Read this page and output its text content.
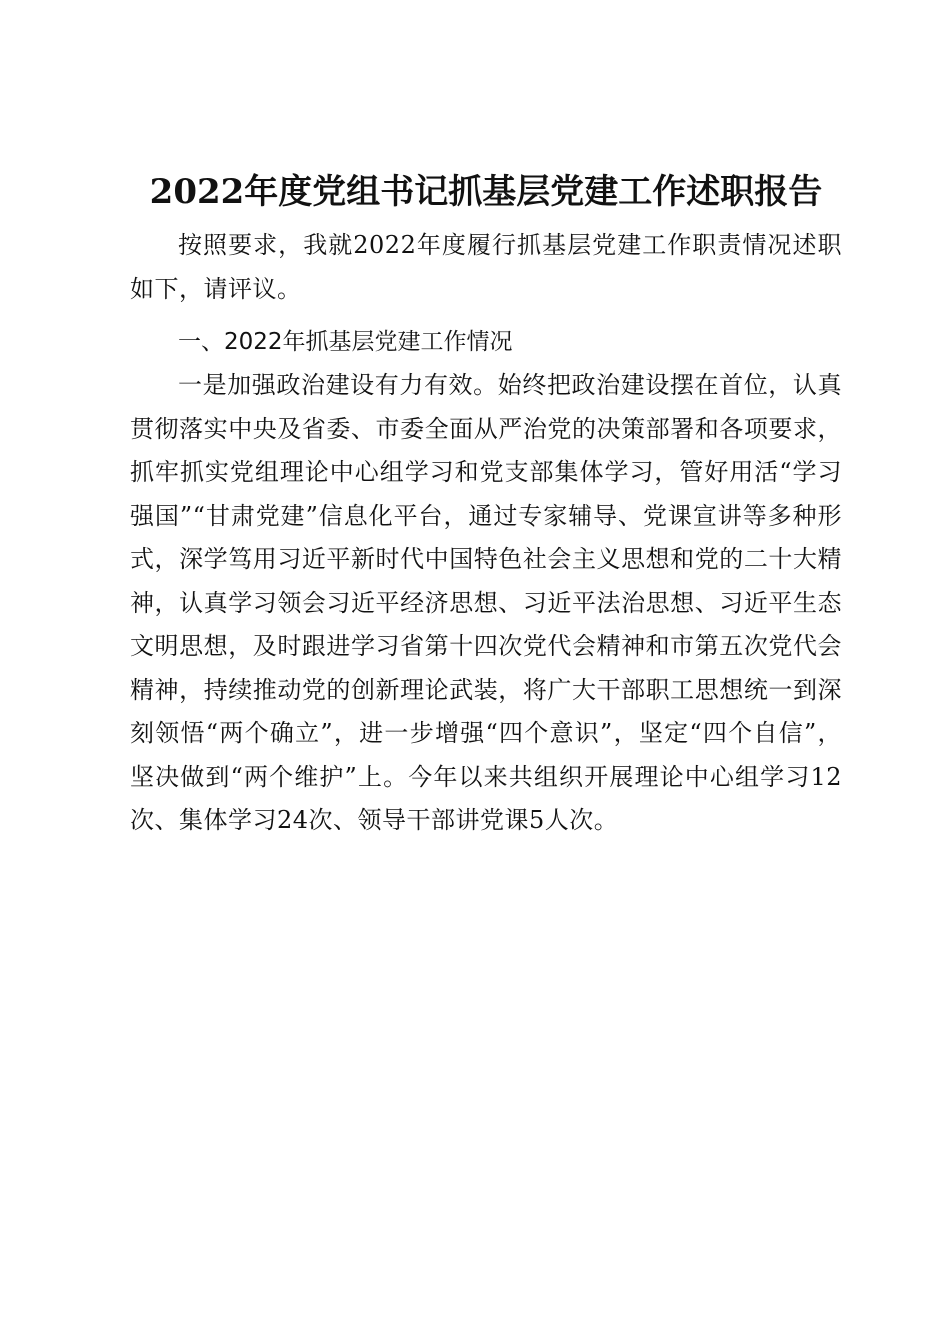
2022年度党组书记抓基层党建工作述职报告

按照要求，我就2022年度履行抓基层党建工作职责情况述职如下，请评议。

一、2022年抓基层党建工作情况

一是加强政治建设有力有效。始终把政治建设摆在首位，认真贯彻落实中央及省委、市委全面从严治党的决策部署和各项要求，抓牢抓实党组理论中心组学习和党支部集体学习，管好用活“学习强国”“甘肃党建”信息化平台，通过专家辅导、党课宣讲等多种形式，深学笃用习近平新时代中国特色社会主义思想和党的二十大精神，认真学习领会习近平经济思想、习近平法治思想、习近平生态文明思想，及时跟进学习省第十四次党代会精神和市第五次党代会精神，持续推动党的创新理论武装，将广大干部职工思想统一到深刻领悟“两个确立”，进一步增强“四个意识”，坚定“四个自信”，坚决做到“两个维护”上。今年以来共组织开展理论中心组学习12次、集体学习24次、领导干部讲党课5人次。
